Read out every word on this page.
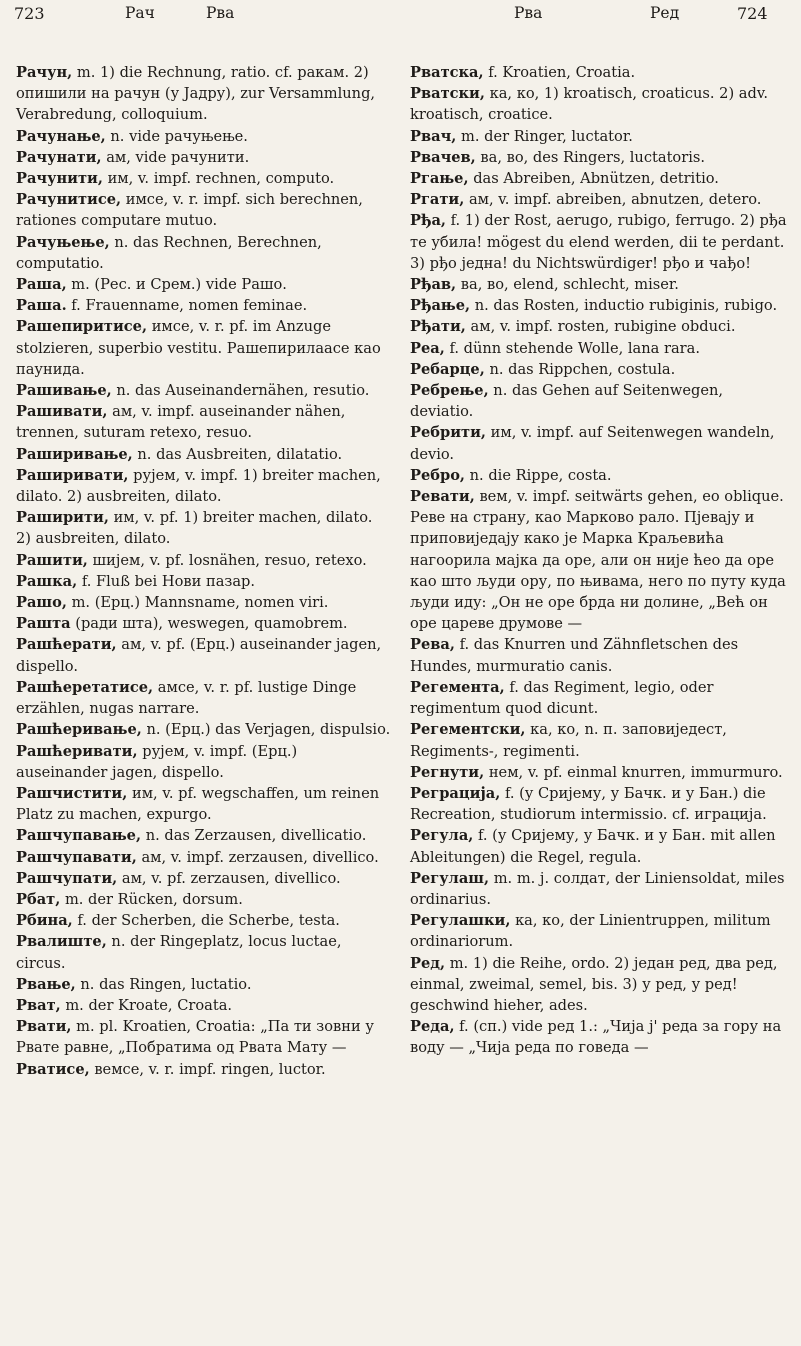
723	Рач	Рва	Рва	Ред	724

Рачун, m. 1) die Rechnung, ratio. cf. ракам. 2) опишили на рачун (у Jaдру), zur Versammlung, Verabredung, colloquium.

Рачунање, n. vide рачуњење.

Рачунати, ам, vide рачунити.

Рачунити, им, v. impf. rechnen, computo.

Рачунитисе, имсе, v. r. impf. sich berechnen, rationes computare mutuo.

Рачуњење, n. das Rechnen, Berechnen, computatio.

Раша, m. (Рес. и Срем.) vide Рашо.

Раша. f. Frauenname, nomen feminae.

Рашепиритисе, имсе, v. r. pf. im Anzuge stolzieren, superbio vestitu. Рашепирилаасе као паунида.

Рашивање, n. das Auseinandernähen, resutio.

Рашивати, ам, v. impf. auseinander nähen, trennen, suturam retexo, resuo.

Раширивање, n. das Ausbreiten, dilatatio.

Раширивати, рујем, v. impf. 1) breiter machen, dilato. 2) ausbreiten, dilato.

Раширити, им, v. pf. 1) breiter machen, dilato. 2) ausbreiten, dilato.

Рашити, шијем, v. pf. losnähen, resuo, retexo.

Рашка, f. Fluß bei Нови пазар.

Рашо, m. (Ерц.) Mannsname, nomen viri.

Рашта (ради шта), weswegen, quamobrem.

Рашћерати, ам, v. pf. (Ерц.) auseinander jagen, dispello.

Рашћеретатисе, амсе, v. r. pf. lustige Dinge erzählen, nugas narrare.

Рашћеривање, n. (Ерц.) das Verjagen, dispulsio.

Рашћеривати, рујем, v. impf. (Ерц.) auseinander jagen, dispello.

Рашчистити, им, v. pf. wegschaffen, um reinen Platz zu machen, expurgo.

Рашчупавање, n. das Zerzausen, divellicatio.

Рашчупавати, ам, v. impf. zerzausen, divellico.

Рашчупати, ам, v. pf. zerzausen, divellico.

Рбат, m. der Rücken, dorsum.

Рбина, f. der Scherben, die Scherbe, testa.

Рвалиште, n. der Ringeplatz, locus luctae, circus.

Рвање, n. das Ringen, luctatio.

Рват, m. der Kroate, Croata.

Рвати, m. pl. Kroatien, Croatia: „Па ти зовни у Рвате равне, „Побратима од Рвата Мату —

Рватисе, вемсе, v. r. impf. ringen, luctor.

Рватска, f. Kroatien, Croatia.

Рватски, ка, ко, 1) kroatisch, croaticus. 2) adv. kroatisch, croatice.

Рвач, m. der Ringer, luctator.

Рвачев, ва, во, des Ringers, luctatoris.

Ргање, das Abreiben, Abnützen, detritio.

Ргати, ам, v. impf. abreiben, abnutzen, detero.

Рђа, f. 1) der Rost, aerugo, rubigo, ferrugo. 2) рђа те убила! mögest du elend werden, dii te perdant. 3) рђо једна! du Nichtswürdiger! рђо и чађо!

Рђав, ва, во, elend, schlecht, miser.

Рђање, n. das Rosten, inductio rubiginis, rubigo.

Рђати, ам, v. impf. rosten, rubigine obduci.

Реа, f. dünn stehende Wolle, lana rara.

Ребарце, n. das Rippchen, costula.

Ребрење, n. das Gehen auf Seitenwegen, deviatio.

Ребрити, им, v. impf. auf Seitenwegen wandeln, devio.

Ребро, n. die Rippe, costa.

Ревати, вем, v. impf. seitwärts gehen, eo oblique. Реве на страну, као Марково рало. Пјевају и приповиједају како је Марка Краљевића нагоорила мајка да оре, али он није ћео да оре као што људи ору, по њивама, него по путу куда људи иду: „Он не оре брда ни долине, „Већ он оре цареве друмове —

Рева, f. das Knurren und Zähnfletschen des Hundes, murmuratio canis.

Регемента, f. das Regiment, legio, oder regimentum quod dicunt.

Регементски, ка, ко, n. п. заповиједест, Regiments-, regimenti.

Регнути, нем, v. pf. einmal knurren, immurmuro.

Реграција, f. (у Сријему, у Бачк. и у Бан.) die Recreation, studiorum intermissio. cf. играција.

Регула, f. (у Сријему, у Бачк. и у Бан. mit allen Ableitungen) die Regel, regula.

Регулаш, m. m. j. солдат, der Liniensoldat, miles ordinarius.

Регулашки, ка, ко, der Linientruppen, militum ordinariorum.

Ред, m. 1) die Reihe, ordo. 2) један ред, два ред, einmal, zweimal, semel, bis. 3) у ред, у ред! geschwind hieher, ades.

Реда, f. (сп.) vide ред 1.: „Чија ј' реда за гору на воду — „Чија реда по говеда —
